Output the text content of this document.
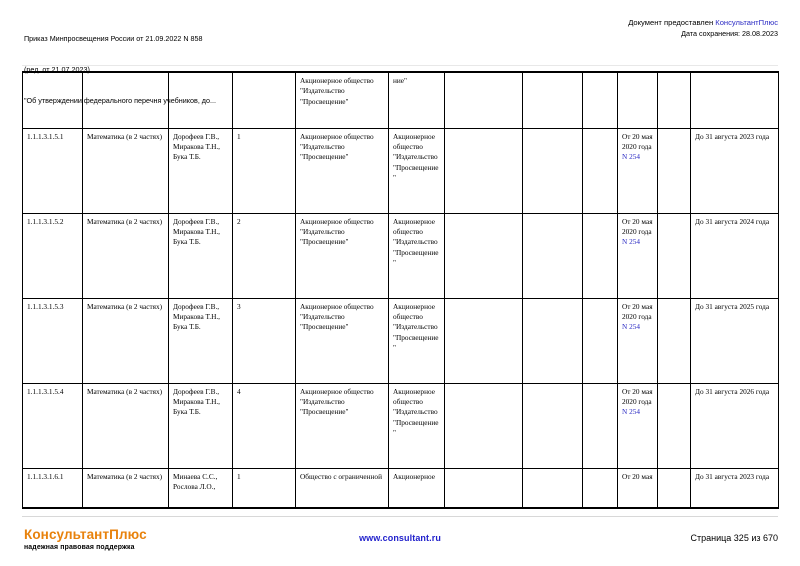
Приказ Минпросвещения России от 21.09.2022 N 858

(ред. от 21.07.2023)

"Об утверждении федерального перечня учебников, до...

Документ предоставлен КонсультантПлюс
Дата сохранения: 28.08.2023
				Акционерное общество "Издательство "Просвещение"	ние"						
1.1.1.3.1.5.1	Математика (в 2 частях)	Дорофеев Г.В., Миракова Т.Н., Бука Т.Б.	1	Акционерное общество "Издательство "Просвещение"	Акционерное общество "Издательство "Просвещение"				От 20 мая 2020 года N 254		До 31 августа 2023 года
1.1.1.3.1.5.2	Математика (в 2 частях)	Дорофеев Г.В., Миракова Т.Н., Бука Т.Б.	2	Акционерное общество "Издательство "Просвещение"	Акционерное общество "Издательство "Просвещение"				От 20 мая 2020 года N 254		До 31 августа 2024 года
1.1.1.3.1.5.3	Математика (в 2 частях)	Дорофеев Г.В., Миракова Т.Н., Бука Т.Б.	3	Акционерное общество "Издательство "Просвещение"	Акционерное общество "Издательство "Просвещение"				От 20 мая 2020 года N 254		До 31 августа 2025 года
1.1.1.3.1.5.4	Математика (в 2 частях)	Дорофеев Г.В., Миракова Т.Н., Бука Т.Б.	4	Акционерное общество "Издательство "Просвещение"	Акционерное общество "Издательство "Просвещение"				От 20 мая 2020 года N 254		До 31 августа 2026 года
1.1.1.3.1.6.1	Математика (в 2 частях)	Минаева С.С., Рослова Л.О.,	1	Общество с ограниченной	Акционерное				От 20 мая		До 31 августа 2023 года
КонсультантПлюс
надежная правовая поддержка
www.consultant.ru	Страница 325 из 670
